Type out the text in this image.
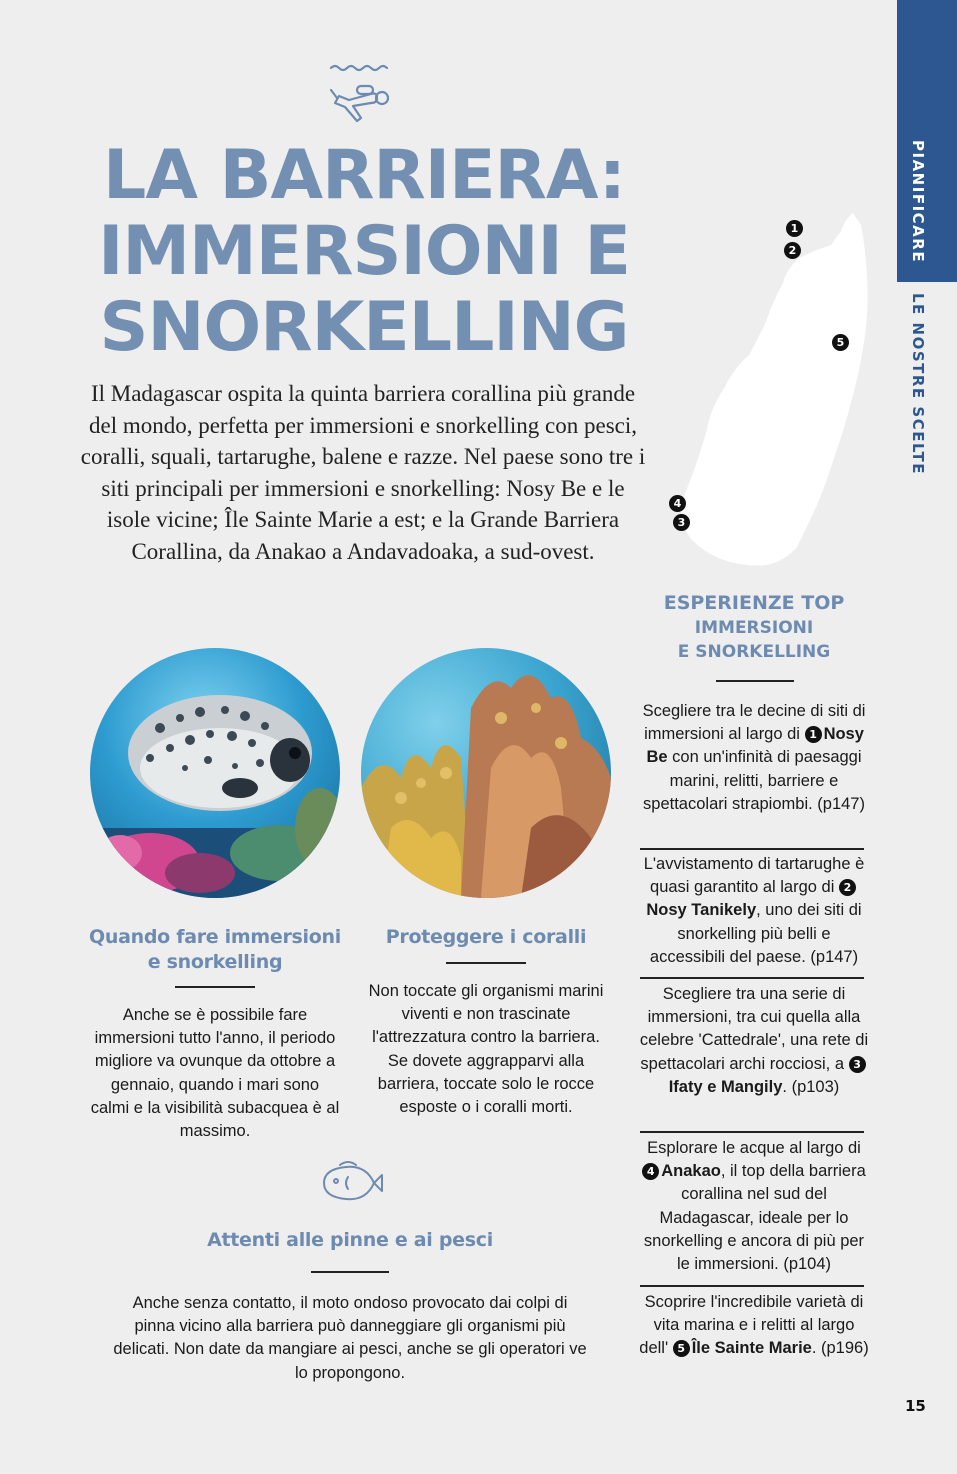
PIANIFICARE
LE NOSTRE SCELTE
LA BARRIERA:
IMMERSIONI E
SNORKELLING
Il Madagascar ospita la quinta barriera corallina più grande del mondo, perfetta per immersioni e snorkelling con pesci, coralli, squali, tartarughe, balene e razze. Nel paese sono tre i siti principali per immersioni e snorkelling: Nosy Be e le isole vicine; Île Sainte Marie a est; e la Grande Barriera Corallina, da Anakao a Andavadoaka, a sud-ovest.
Quando fare immersioni
e snorkelling
Anche se è possibile fare immersioni tutto l'anno, il periodo migliore va ovunque da ottobre a gennaio, quando i mari sono calmi e la visibilità subacquea è al massimo.
Proteggere i coralli
Non toccate gli organismi marini viventi e non trascinate l'attrezzatura contro la barriera. Se dovete aggrapparvi alla barriera, toccate solo le rocce esposte o i coralli morti.
Attenti alle pinne e ai pesci
Anche senza contatto, il moto ondoso provocato dai colpi di pinna vicino alla barriera può danneggiare gli organismi più delicati. Non date da mangiare ai pesci, anche se gli operatori ve lo propongono.
1
2
5
4
3
ESPERIENZE TOP
IMMERSIONI
E SNORKELLING
Scegliere tra le decine di siti di immersioni al largo di 1 Nosy Be con un'infinità di paesaggi marini, relitti, barriere e spettacolari strapiombi. (p147)
L'avvistamento di tartarughe è quasi garantito al largo di 2Nosy Tanikely, uno dei siti di snorkelling più belli e accessibili del paese. (p147)
Scegliere tra una serie di immersioni, tra cui quella alla celebre 'Cattedrale', una rete di spettacolari archi rocciosi, a 3Ifaty e Mangily. (p103)
Esplorare le acque al largo di 4 Anakao, il top della barriera corallina nel sud del Madagascar, ideale per lo snorkelling e ancora di più per le immersioni. (p104)
Scoprire l'incredibile varietà di vita marina e i relitti al largo dell' 5 Île Sainte Marie. (p196)
15
